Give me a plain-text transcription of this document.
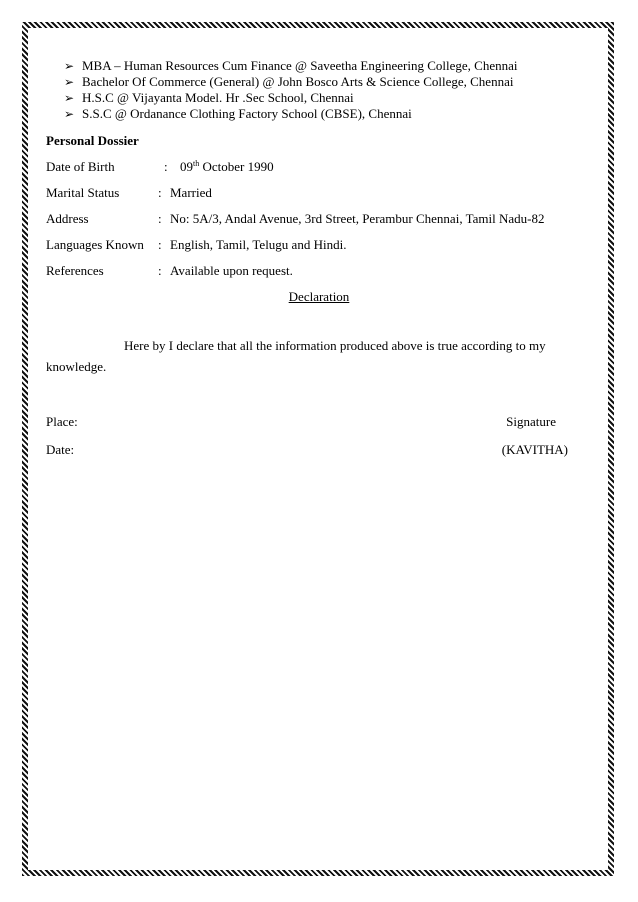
➢ MBA – Human Resources Cum Finance @ Saveetha Engineering College, Chennai
➢ Bachelor Of Commerce (General) @ John Bosco Arts & Science College, Chennai
➢ H.S.C @ Vijayanta Model. Hr .Sec School, Chennai
➢ S.S.C @ Ordanance Clothing Factory School (CBSE), Chennai
Personal Dossier
Date of Birth	: 09th October 1990
Marital Status	: Married
Address	: No: 5A/3, Andal Avenue, 3rd Street, Perambur Chennai, Tamil Nadu-82
Languages Known	: English, Tamil, Telugu and Hindi.
References	: Available upon request.
Declaration
Here by I declare that all the information produced above is true according to my knowledge.
Place:	Signature
Date:	(KAVITHA)
